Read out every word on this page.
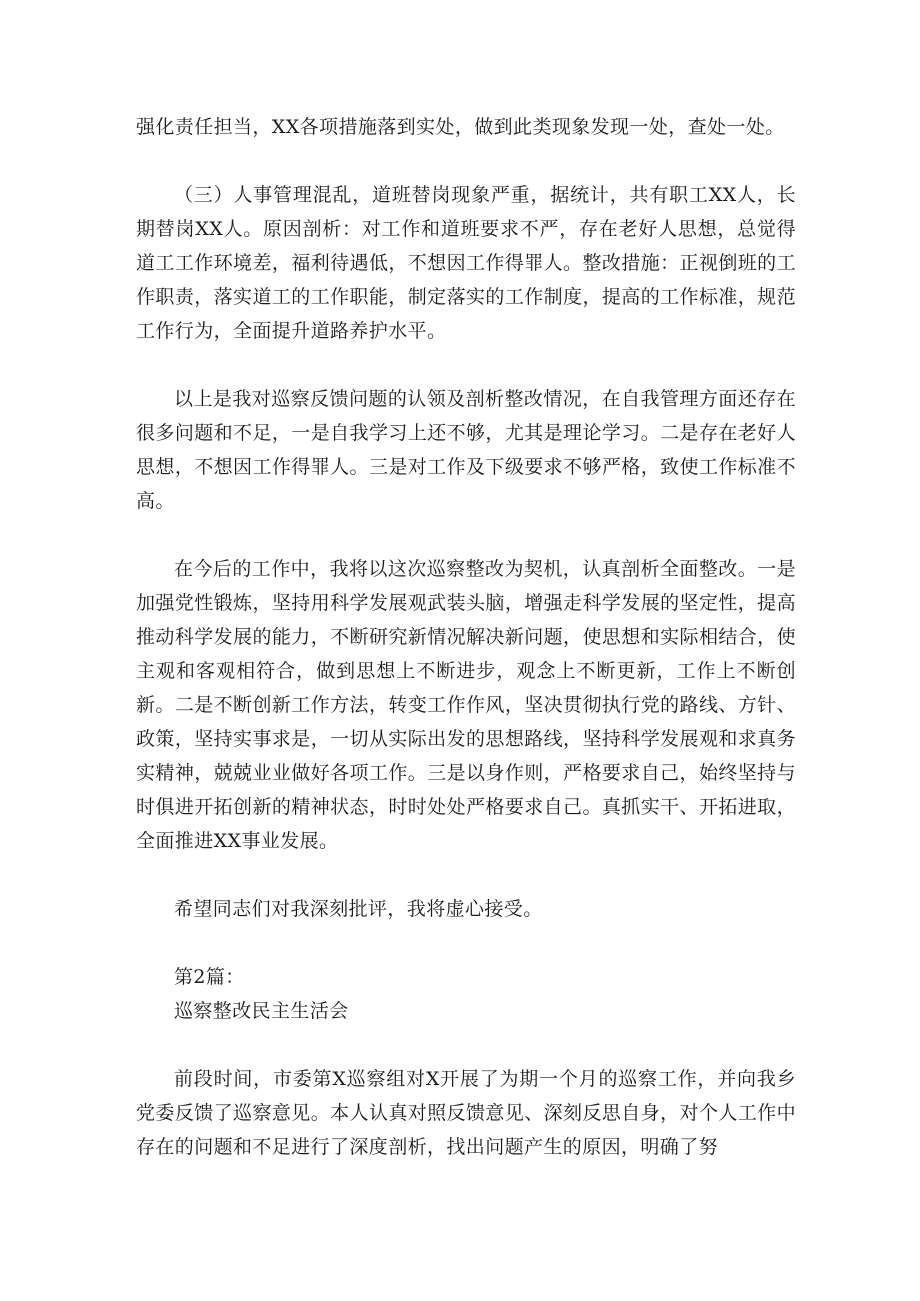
强化责任担当，XX各项措施落到实处，做到此类现象发现一处，查处一处。

（三）人事管理混乱，道班替岗现象严重，据统计，共有职工XX人，长期替岗XX人。原因剖析：对工作和道班要求不严，存在老好人思想，总觉得道工工作环境差，福利待遇低，不想因工作得罪人。整改措施：正视倒班的工作职责，落实道工的工作职能，制定落实的工作制度，提高的工作标准，规范工作行为，全面提升道路养护水平。

以上是我对巡察反馈问题的认领及剖析整改情况，在自我管理方面还存在很多问题和不足，一是自我学习上还不够，尤其是理论学习。二是存在老好人思想，不想因工作得罪人。三是对工作及下级要求不够严格，致使工作标准不高。

在今后的工作中，我将以这次巡察整改为契机，认真剖析全面整改。一是加强党性锻炼，坚持用科学发展观武装头脑，增强走科学发展的坚定性，提高推动科学发展的能力，不断研究新情况解决新问题，使思想和实际相结合，使主观和客观相符合，做到思想上不断进步，观念上不断更新，工作上不断创新。二是不断创新工作方法，转变工作作风，坚决贯彻执行党的路线、方针、政策，坚持实事求是，一切从实际出发的思想路线，坚持科学发展观和求真务实精神，兢兢业业做好各项工作。三是以身作则，严格要求自己，始终坚持与时俱进开拓创新的精神状态，时时处处严格要求自己。真抓实干、开拓进取，全面推进XX事业发展。

希望同志们对我深刻批评，我将虚心接受。

第2篇：

巡察整改民主生活会

前段时间，市委第X巡察组对X开展了为期一个月的巡察工作，并向我乡党委反馈了巡察意见。本人认真对照反馈意见、深刻反思自身，对个人工作中存在的问题和不足进行了深度剖析，找出问题产生的原因，明确了努
